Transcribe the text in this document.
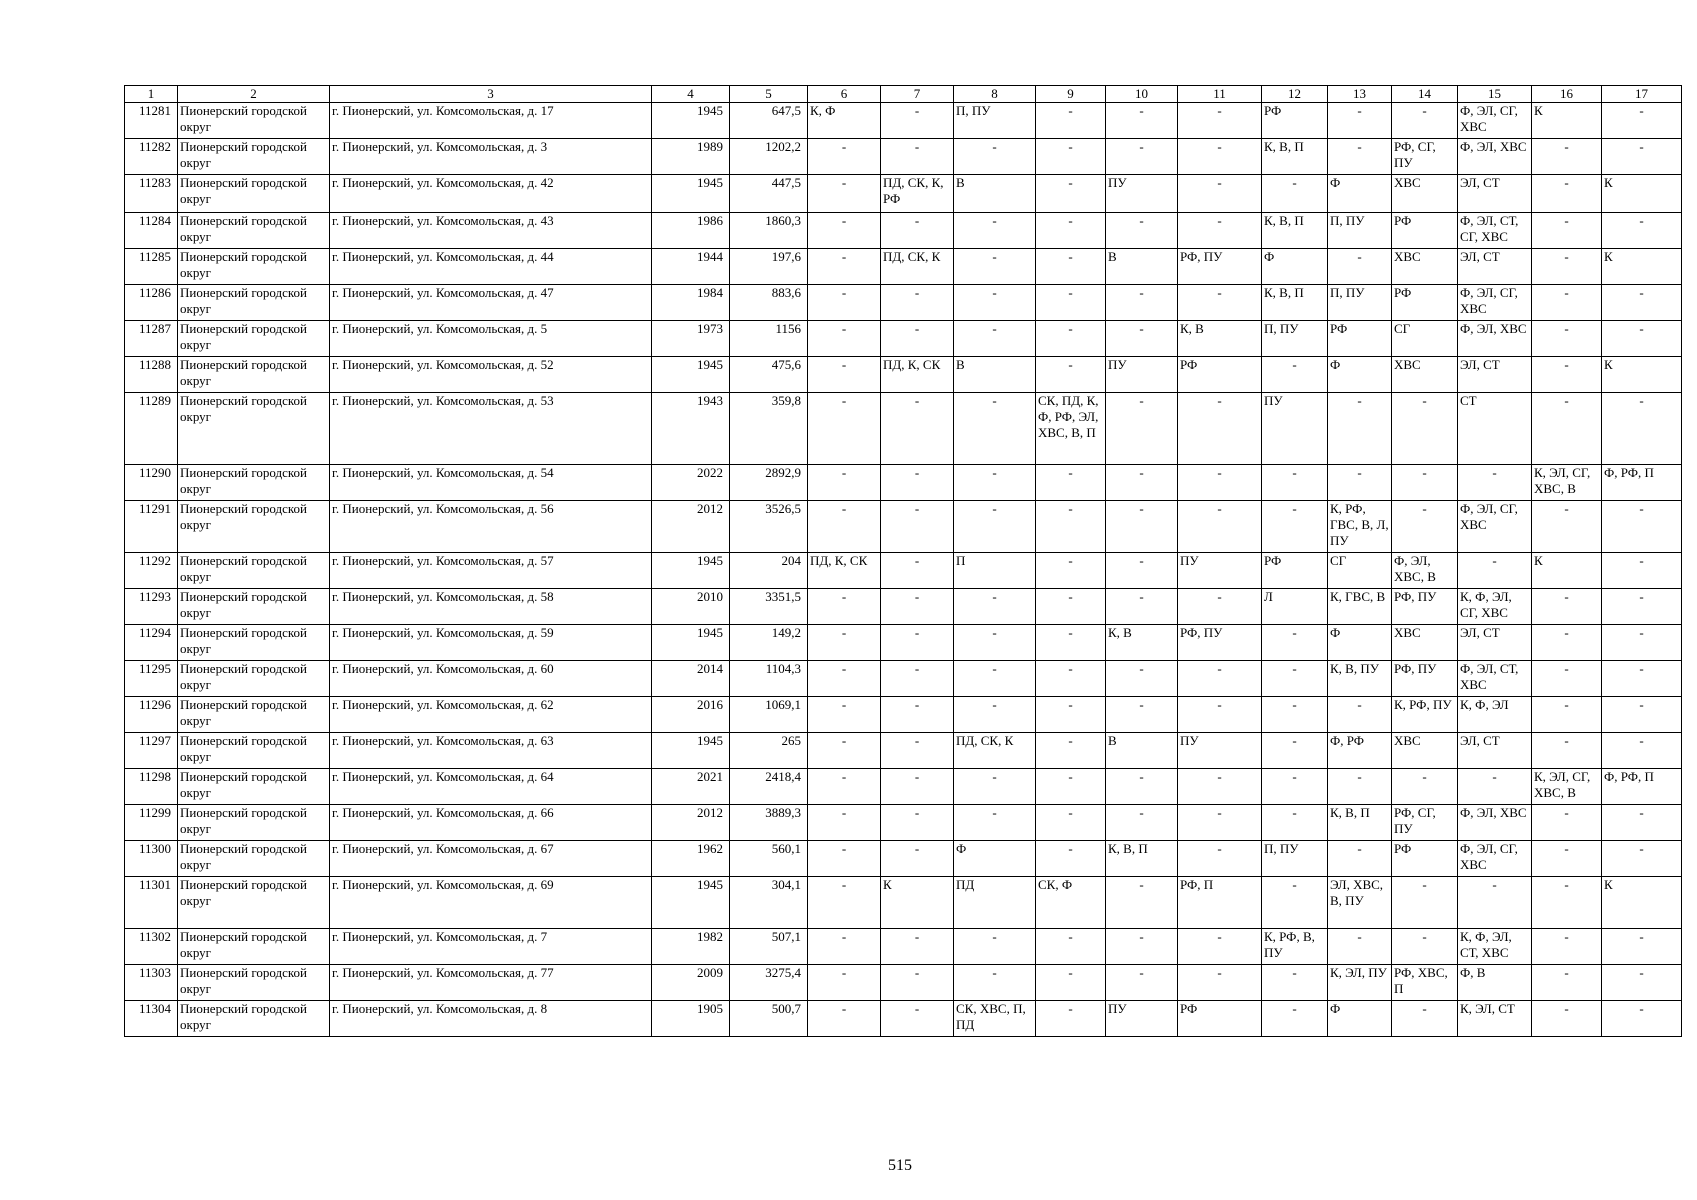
1	2	3	4	5	6	7	8	9	10	11	12	13	14	15	16	17
11281	Пионерский городской округ	г. Пионерский, ул. Комсомольская, д. 17	1945	647,5	К, Ф	-	П, ПУ	-	-	-	РФ	-	-	Ф, ЭЛ, СГ, ХВС	К	-
11282	Пионерский городской округ	г. Пионерский, ул. Комсомольская, д. 3	1989	1202,2	-	-	-	-	-	-	К, В, П	-	РФ, СГ, ПУ	Ф, ЭЛ, ХВС	-	-
11283	Пионерский городской округ	г. Пионерский, ул. Комсомольская, д. 42	1945	447,5	-	ПД, СК, К, РФ	В	-	ПУ	-	-	Ф	ХВС	ЭЛ, СТ	-	К
11284	Пионерский городской округ	г. Пионерский, ул. Комсомольская, д. 43	1986	1860,3	-	-	-	-	-	-	К, В, П	П, ПУ	РФ	Ф, ЭЛ, СТ, СГ, ХВС	-	-
11285	Пионерский городской округ	г. Пионерский, ул. Комсомольская, д. 44	1944	197,6	-	ПД, СК, К	-	-	В	РФ, ПУ	Ф	-	ХВС	ЭЛ, СТ	-	К
11286	Пионерский городской округ	г. Пионерский, ул. Комсомольская, д. 47	1984	883,6	-	-	-	-	-	-	К, В, П	П, ПУ	РФ	Ф, ЭЛ, СГ, ХВС	-	-
11287	Пионерский городской округ	г. Пионерский, ул. Комсомольская, д. 5	1973	1156	-	-	-	-	-	К, В	П, ПУ	РФ	СГ	Ф, ЭЛ, ХВС	-	-
11288	Пионерский городской округ	г. Пионерский, ул. Комсомольская, д. 52	1945	475,6	-	ПД, К, СК	В	-	ПУ	РФ	-	Ф	ХВС	ЭЛ, СТ	-	К
11289	Пионерский городской округ	г. Пионерский, ул. Комсомольская, д. 53	1943	359,8	-	-	-	СК, ПД, К, Ф, РФ, ЭЛ, ХВС, В, П	-	-	ПУ	-	-	СТ	-	-
11290	Пионерский городской округ	г. Пионерский, ул. Комсомольская, д. 54	2022	2892,9	-	-	-	-	-	-	-	-	-	-	К, ЭЛ, СГ, ХВС, В	Ф, РФ, П
11291	Пионерский городской округ	г. Пионерский, ул. Комсомольская, д. 56	2012	3526,5	-	-	-	-	-	-	-	К, РФ, ГВС, В, Л, ПУ	-	Ф, ЭЛ, СГ, ХВС	-	-
11292	Пионерский городской округ	г. Пионерский, ул. Комсомольская, д. 57	1945	204	ПД, К, СК	-	П	-	-	ПУ	РФ	СГ	Ф, ЭЛ, ХВС, В	-	К	-
11293	Пионерский городской округ	г. Пионерский, ул. Комсомольская, д. 58	2010	3351,5	-	-	-	-	-	-	Л	К, ГВС, В	РФ, ПУ	К, Ф, ЭЛ, СГ, ХВС	-	-
11294	Пионерский городской округ	г. Пионерский, ул. Комсомольская, д. 59	1945	149,2	-	-	-	-	К, В	РФ, ПУ	-	Ф	ХВС	ЭЛ, СТ	-	-
11295	Пионерский городской округ	г. Пионерский, ул. Комсомольская, д. 60	2014	1104,3	-	-	-	-	-	-	-	К, В, ПУ	РФ, ПУ	Ф, ЭЛ, СТ, ХВС	-	-
11296	Пионерский городской округ	г. Пионерский, ул. Комсомольская, д. 62	2016	1069,1	-	-	-	-	-	-	-	-	К, РФ, ПУ	К, Ф, ЭЛ	-	-
11297	Пионерский городской округ	г. Пионерский, ул. Комсомольская, д. 63	1945	265	-	-	ПД, СК, К	-	В	ПУ	-	Ф, РФ	ХВС	ЭЛ, СТ	-	-
11298	Пионерский городской округ	г. Пионерский, ул. Комсомольская, д. 64	2021	2418,4	-	-	-	-	-	-	-	-	-	-	К, ЭЛ, СГ, ХВС, В	Ф, РФ, П
11299	Пионерский городской округ	г. Пионерский, ул. Комсомольская, д. 66	2012	3889,3	-	-	-	-	-	-	-	К, В, П	РФ, СГ, ПУ	Ф, ЭЛ, ХВС	-	-
11300	Пионерский городской округ	г. Пионерский, ул. Комсомольская, д. 67	1962	560,1	-	-	Ф	-	К, В, П	-	П, ПУ	-	РФ	Ф, ЭЛ, СГ, ХВС	-	-
11301	Пионерский городской округ	г. Пионерский, ул. Комсомольская, д. 69	1945	304,1	-	К	ПД	СК, Ф	-	РФ, П	-	ЭЛ, ХВС, В, ПУ	-	-	-	К
11302	Пионерский городской округ	г. Пионерский, ул. Комсомольская, д. 7	1982	507,1	-	-	-	-	-	-	К, РФ, В, ПУ	-	-	К, Ф, ЭЛ, СТ, ХВС	-	-
11303	Пионерский городской округ	г. Пионерский, ул. Комсомольская, д. 77	2009	3275,4	-	-	-	-	-	-	-	К, ЭЛ, ПУ	РФ, ХВС, П	Ф, В	-	-
11304	Пионерский городской округ	г. Пионерский, ул. Комсомольская, д. 8	1905	500,7	-	-	СК, ХВС, П, ПД	-	ПУ	РФ	-	Ф	-	К, ЭЛ, СТ	-	-
515
